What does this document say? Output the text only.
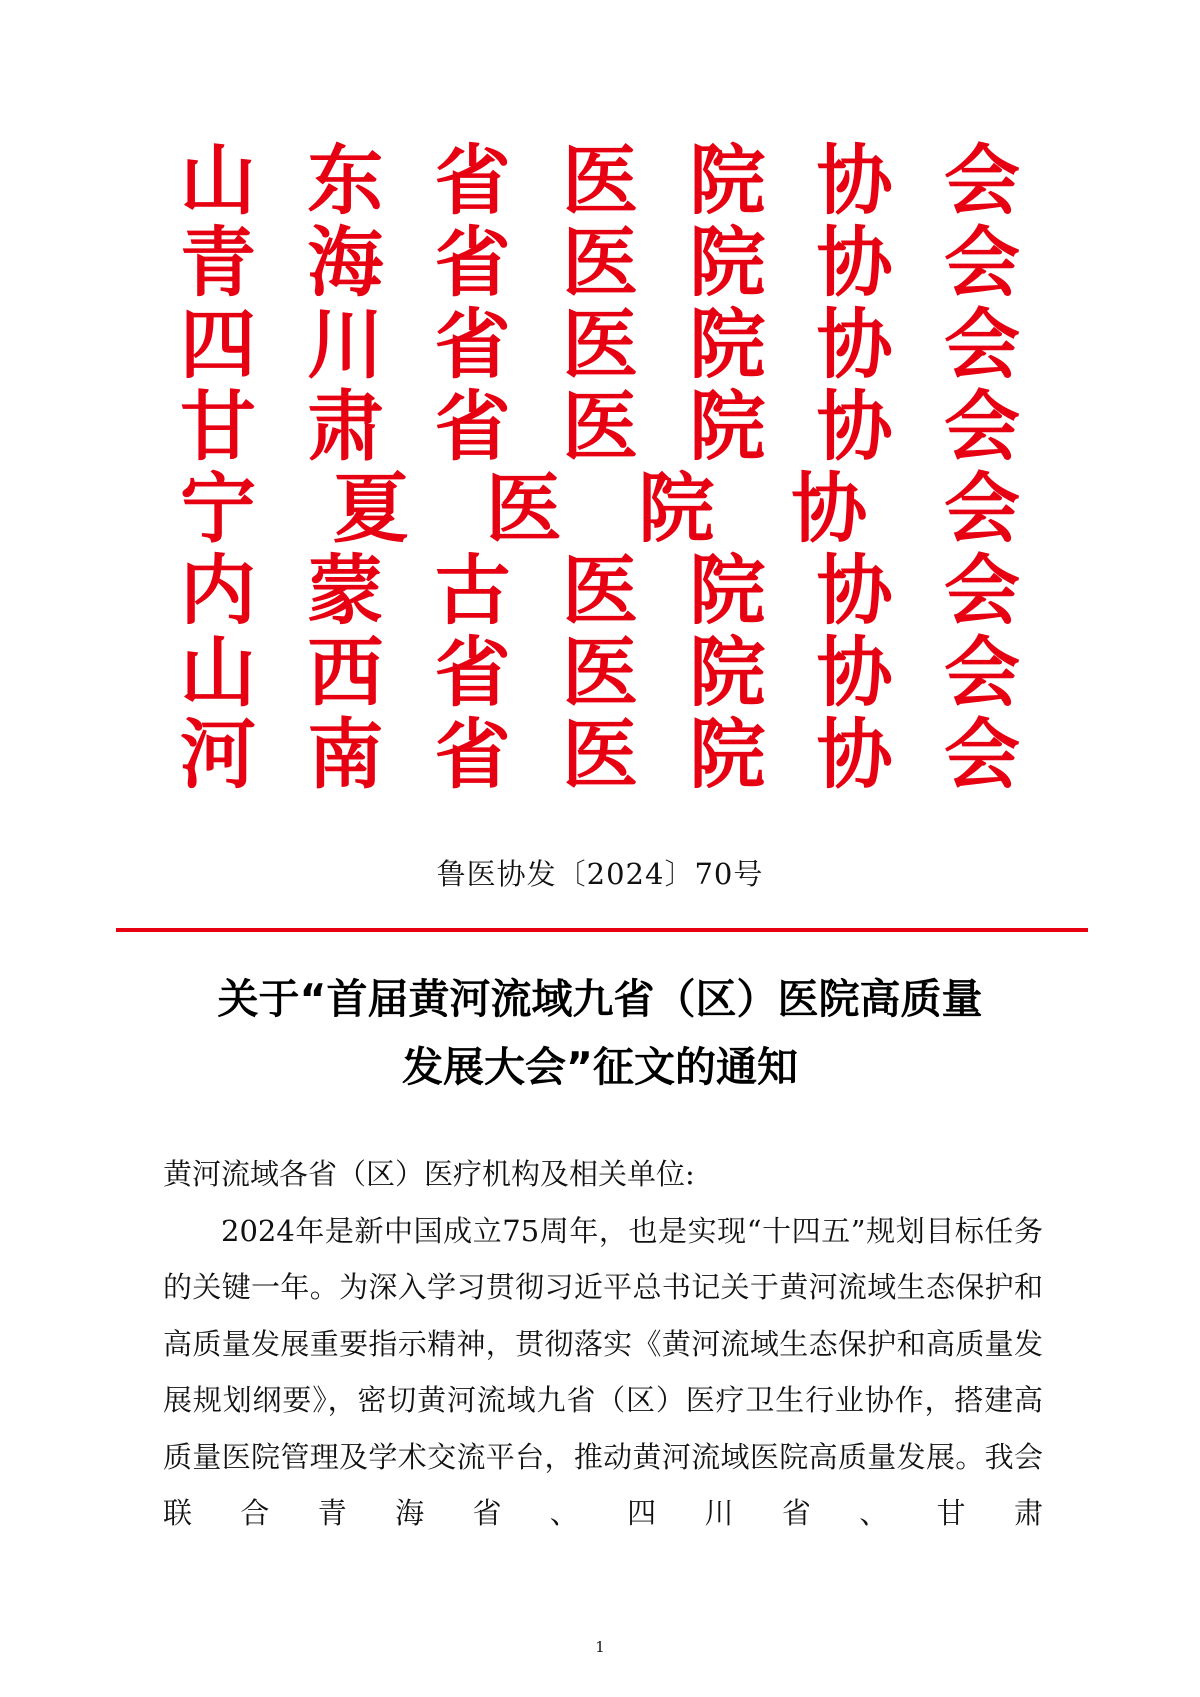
山 东 省 医 院 协 会
青 海 省 医 院 协 会
四 川 省 医 院 协 会
甘 肃 省 医 院 协 会
宁 夏 医 院 协 会
内 蒙 古 医 院 协 会
山 西 省 医 院 协 会
河 南 省 医 院 协 会
鲁医协发〔2024〕70号
关于“首届黄河流域九省（区）医院高质量
发展大会”征文的通知

黄河流域各省（区）医疗机构及相关单位:

2024年是新中国成立75周年，也是实现“十四五”规划目标任务的关键一年。为深入学习贯彻习近平总书记关于黄河流域生态保护和高质量发展重要指示精神，贯彻落实《黄河流域生态保护和高质量发展规划纲要》，密切黄河流域九省（区）医疗卫生行业协作，搭建高质量医院管理及学术交流平台，推动黄河流域医院高质量发展。我会联合青海省、四川省、甘肃

1
